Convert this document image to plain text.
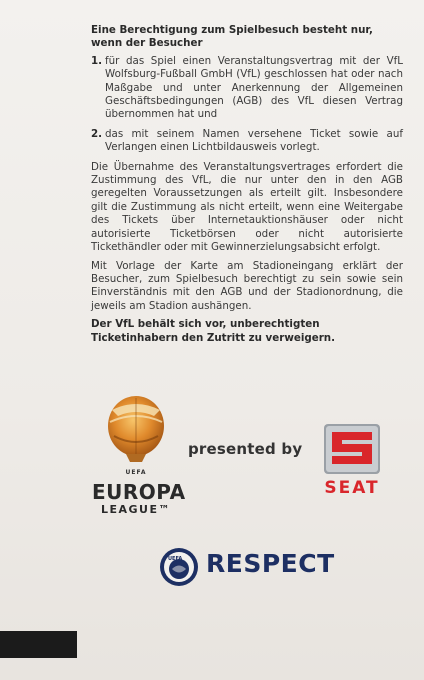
Eine Berechtigung zum Spielbesuch besteht nur, wenn der Besucher

1. für das Spiel einen Veranstaltungsvertrag mit der VfL Wolfsburg-Fußball GmbH (VfL) geschlossen hat oder nach Maßgabe und unter Anerkennung der Allgemeinen Geschäftsbedingungen (AGB) des VfL diesen Vertrag übernommen hat und
2. das mit seinem Namen versehene Ticket sowie auf Verlangen einen Lichtbildausweis vorlegt.

Die Übernahme des Veranstaltungsvertrages erfordert die Zustimmung des VfL, die nur unter den in den AGB geregelten Voraussetzungen als erteilt gilt. Insbesondere gilt die Zustimmung als nicht erteilt, wenn eine Weitergabe des Tickets über Internetauktionshäuser oder nicht autorisierte Ticketbörsen oder nicht autorisierte Tickethändler oder mit Gewinnerzielungsabsicht erfolgt.

Mit Vorlage der Karte am Stadioneingang erklärt der Besucher, zum Spielbesuch berechtigt zu sein sowie sein Einverständnis mit den AGB und der Stadionordnung, die jeweils am Stadion aushängen.

Der VfL behält sich vor, unberechtigten Ticketinhabern den Zutritt zu verweigern.

UEFA
EUROPA
LEAGUE™
presented by
SEAT
UEFA RESPECT
